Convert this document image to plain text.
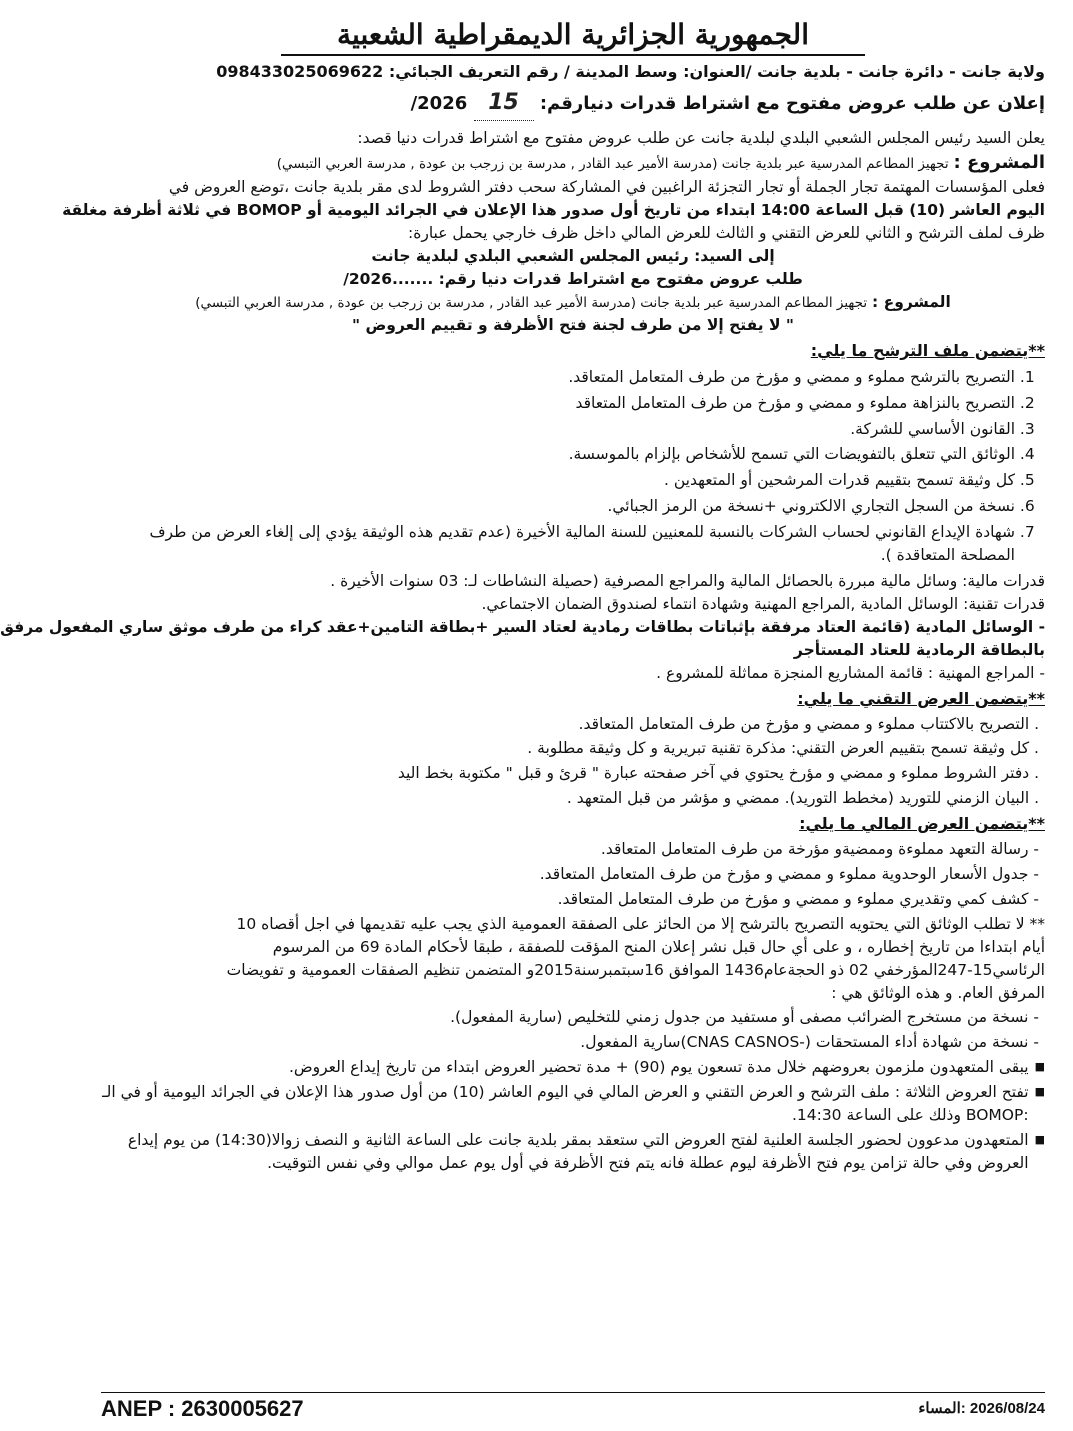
الجمهورية الجزائرية الديمقراطية الشعبية
ولاية جانت - دائرة جانت - بلدية جانت /العنوان: وسط المدينة / رقم التعريف الجبائي: 098433025069622
إعلان عن طلب عروض مفتوح مع اشتراط قدرات دنيارقم: 15 2026/
يعلن السيد رئيس المجلس الشعبي البلدي لبلدية جانت عن طلب عروض مفتوح مع اشتراط قدرات دنيا قصد:
المشروع : تجهيز المطاعم المدرسية عبر بلدية جانت (مدرسة الأمير عبد القادر , مدرسة بن زرجب بن عودة , مدرسة العربي التبسي)
فعلى المؤسسات المهتمة تجار الجملة أو تجار التجزئة الراغبين في المشاركة سحب دفتر الشروط لدى مقر بلدية جانت ،توضع العروض في
اليوم العاشر (10) قبل الساعة 14:00 ابتداء من تاريخ أول صدور هذا الإعلان في الجرائد اليومية أو BOMOP في ثلاثة أظرفة مغلقة
ظرف لملف الترشح و الثاني للعرض التقني و الثالث للعرض المالي داخل ظرف خارجي يحمل عبارة:
إلى السيد: رئيس المجلس الشعبي البلدي لبلدية جانت
طلب عروض مفتوح مع اشتراط قدرات دنيا رقم: .......2026/
المشروع : تجهيز المطاعم المدرسية عبر بلدية جانت (مدرسة الأمير عبد القادر , مدرسة بن زرجب بن عودة , مدرسة العربي التبسي)
" لا يفتح إلا من طرف لجنة فتح الأظرفة و تقييم العروض "
**يتضمن ملف الترشح ما يلي:
1. التصريح بالترشح مملوء و ممضي و مؤرخ من طرف المتعامل المتعاقد.
2. التصريح بالنزاهة مملوء و ممضي و مؤرخ من طرف المتعامل المتعاقد
3. القانون الأساسي للشركة.
4. الوثائق التي تتعلق بالتفويضات التي تسمح للأشخاص بإلزام بالموسسة.
5. كل وثيقة تسمح بتقييم قدرات المرشحين أو المتعهدين .
6. نسخة من السجل التجاري الالكتروني +نسخة من الرمز الجبائي.
7. شهادة الإيداع القانوني لحساب الشركات بالنسبة للمعنيين للسنة المالية الأخيرة (عدم تقديم هذه الوثيقة يؤدي إلى إلغاء العرض من طرف المصلحة المتعاقدة ).
قدرات مالية: وسائل مالية مبررة بالحصائل المالية والمراجع المصرفية (حصيلة النشاطات لـ: 03 سنوات الأخيرة .
قدرات تقنية: الوسائل المادية ,المراجع المهنية وشهادة انتماء لصندوق الضمان الاجتماعي.
- الوسائل المادية (قائمة العتاد مرفقة بإثباتات بطاقات رمادية لعتاد السير +بطاقة التامين+عقد كراء من طرف موثق ساري المفعول مرفق
بالبطاقة الرمادية للعتاد المستأجر
- المراجع المهنية : قائمة المشاريع المنجزة مماثلة للمشروع .
**يتضمن العرض التقني ما يلي:
. التصريح بالاكتتاب مملوء و ممضي و مؤرخ من طرف المتعامل المتعاقد.
. كل وثيقة تسمح بتقييم العرض التقني: مذكرة تقنية تبريرية و كل وثيقة مطلوبة .
. دفتر الشروط مملوء و ممضي و مؤرخ يحتوي في آخر صفحته عبارة " قرئ و قبل " مكتوبة بخط اليد
. البيان الزمني للتوريد (مخطط التوريد). ممضي و مؤشر من قبل المتعهد .
**يتضمن العرض المالي ما يلي:
- رسالة التعهد مملوءة وممضيةو مؤرخة من طرف المتعامل المتعاقد.
- جدول الأسعار الوحدوية مملوء و ممضي و مؤرخ من طرف المتعامل المتعاقد.
- كشف كمي وتقديري مملوء و ممضي و مؤرخ من طرف المتعامل المتعاقد.
** لا تطلب الوثائق التي يحتويه التصريح بالترشح إلا من الحائز على الصفقة العمومية الذي يجب عليه تقديمها في اجل أقصاه 10
أيام ابتداءا من تاريخ إخطاره ، و على أي حال قبل نشر إعلان المنح المؤقت للصفقة ، طبقا لأحكام المادة 69 من المرسوم
الرئاسي15-247المؤرخفي 02 ذو الحجةعام1436 الموافق 16سبتمبرسنة2015و المتضمن تنظيم الصفقات العمومية و تفويضات
المرفق العام. و هذه الوثائق هي :
- نسخة من مستخرج الضرائب مصفى أو مستفيد من جدول زمني للتخليص (سارية المفعول).
- نسخة من شهادة أداء المستحقات (-CNAS CASNOS)سارية المفعول.
■
يبقى المتعهدون ملزمون بعروضهم خلال مدة تسعون يوم (90) + مدة تحضير العروض ابتداء من تاريخ إيداع العروض.
■
تفتح العروض الثلاثة : ملف الترشح و العرض التقني و العرض المالي في اليوم العاشر (10) من أول صدور هذا الإعلان في الجرائد اليومية أو في الـ :BOMOP وذلك على الساعة 14:30.
■
المتعهدون مدعوون لحضور الجلسة العلنية لفتح العروض التي ستعقد بمقر بلدية جانت على الساعة الثانية و النصف زوالا(14:30) من يوم إيداع العروض وفي حالة تزامن يوم فتح الأظرفة ليوم عطلة فانه يتم فتح الأظرفة في أول يوم عمل موالي وفي نفس التوقيت.
2026/08/24 :المساء
ANEP : 2630005627
